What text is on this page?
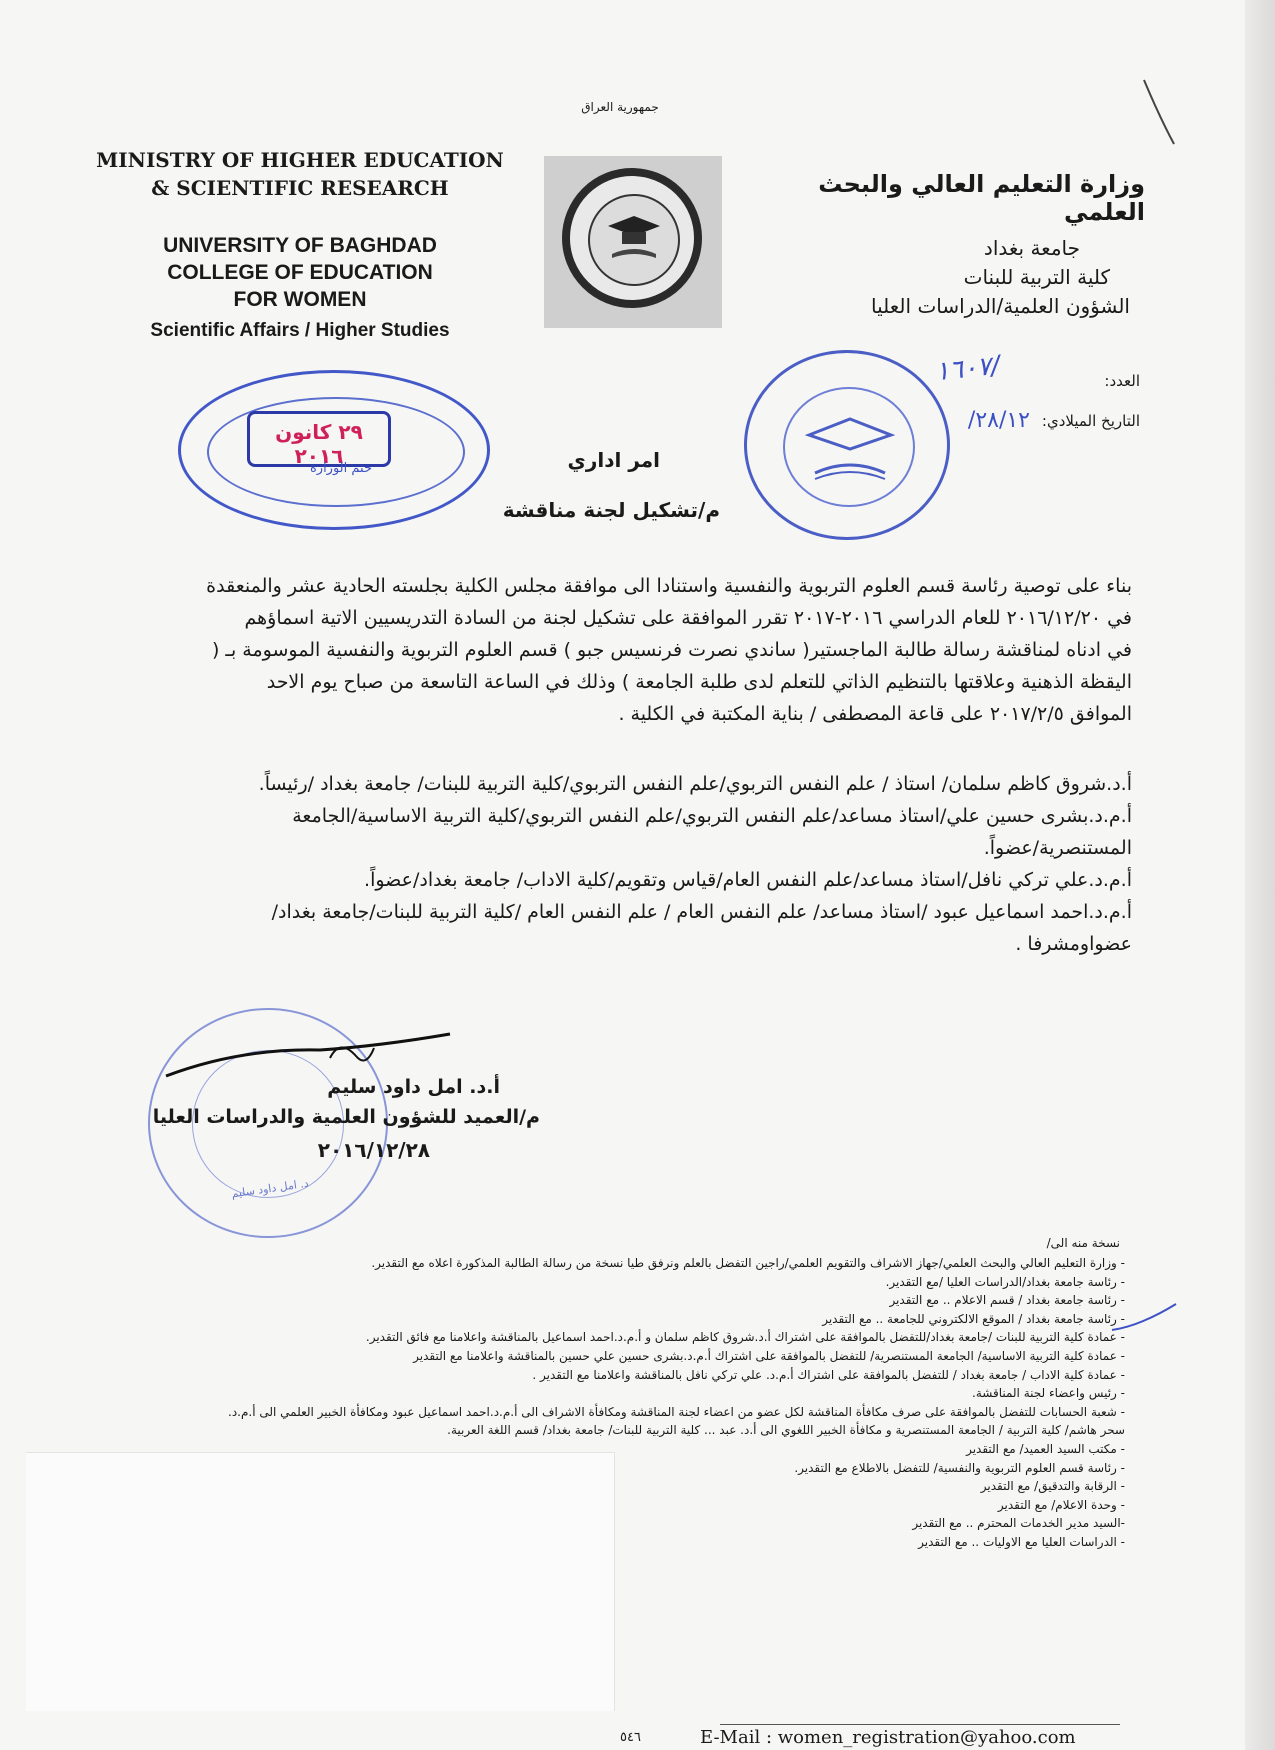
جمهورية العراق
MINISTRY OF HIGHER EDUCATION
& SCIENTIFIC RESEARCH
UNIVERSITY OF BAGHDAD
COLLEGE OF EDUCATION
FOR WOMEN
Scientific Affairs / Higher Studies
وزارة التعليم العالي والبحث العلمي
جامعة بغداد
كلية التربية للبنات
الشؤون العلمية/الدراسات العليا
١٦٠٧/	العدد:
التاريخ الميلادي:
٢٨/١٢/
٢٩ كانون ٢٠١٦
ختم الوزارة	امر اداري
م/تشكيل لجنة مناقشة
بناء على توصية رئاسة قسم العلوم التربوية والنفسية واستنادا الى موافقة مجلس الكلية بجلسته الحادية عشر والمنعقدة
في ٢٠١٦/١٢/٢٠ للعام الدراسي ٢٠١٦-٢٠١٧ تقرر الموافقة على تشكيل لجنة من السادة التدريسيين الاتية اسماؤهم
في ادناه لمناقشة رسالة طالبة الماجستير( ساندي نصرت فرنسيس جبو ) قسم العلوم التربوية والنفسية الموسومة بـ (
اليقظة الذهنية وعلاقتها بالتنظيم الذاتي للتعلم لدى طلبة الجامعة ) وذلك في الساعة التاسعة من صباح يوم الاحد
الموافق ٢٠١٧/٢/٥ على قاعة المصطفى / بناية المكتبة في الكلية .
أ.د.شروق كاظم سلمان/ استاذ / علم النفس التربوي/علم النفس التربوي/كلية التربية للبنات/ جامعة بغداد /رئيساً.
أ.م.د.بشرى حسين علي/استاذ مساعد/علم النفس التربوي/علم النفس التربوي/كلية التربية الاساسية/الجامعة
المستنصرية/عضواً.
أ.م.د.علي تركي نافل/استاذ مساعد/علم النفس العام/قياس وتقويم/كلية الاداب/ جامعة بغداد/عضواً.
أ.م.د.احمد اسماعيل عبود /استاذ مساعد/ علم النفس العام / علم النفس العام /كلية التربية للبنات/جامعة بغداد/
عضواومشرفا .
د. امل داود سليم
أ.د. امل داود سليم
م/العميد للشؤون العلمية والدراسات العليا
٢٠١٦/١٢/٢٨
نسخة منه الى/
- وزارة التعليم العالي والبحث العلمي/جهاز الاشراف والتقويم العلمي/راجين التفضل بالعلم ونرفق طيا نسخة من رسالة الطالبة المذكورة اعلاه مع التقدير.
- رئاسة جامعة بغداد/الدراسات العليا /مع التقدير.
- رئاسة جامعة بغداد / قسم الاعلام .. مع التقدير
- رئاسة جامعة بغداد / الموقع الالكتروني للجامعة .. مع التقدير
- عمادة كلية التربية للبنات /جامعة بغداد/للتفضل بالموافقة على اشتراك أ.د.شروق كاظم سلمان و أ.م.د.احمد اسماعيل بالمناقشة واعلامنا مع فائق التقدير.
- عمادة كلية التربية الاساسية/ الجامعة المستنصرية/ للتفضل بالموافقة على اشتراك أ.م.د.بشرى حسين علي حسين بالمناقشة واعلامنا مع التقدير
- عمادة كلية الاداب / جامعة بغداد / للتفضل بالموافقة على اشتراك أ.م.د. علي تركي نافل بالمناقشة واعلامنا مع التقدير .
- رئيس واعضاء لجنة المناقشة.
- شعبة الحسابات للتفضل بالموافقة على صرف مكافأة المناقشة لكل عضو من اعضاء لجنة المناقشة ومكافأة الاشراف الى أ.م.د.احمد اسماعيل عبود ومكافأة الخبير العلمي الى أ.م.د.
سحر هاشم/ كلية التربية / الجامعة المستنصرية و مكافأة الخبير اللغوي الى أ.د. عبد ... كلية التربية للبنات/ جامعة بغداد/ قسم اللغة العربية.
- مكتب السيد العميد/ مع التقدير
- رئاسة قسم العلوم التربوية والنفسية/ للتفضل بالاطلاع مع التقدير.
- الرقابة والتدقيق/ مع التقدير
- وحدة الاعلام/ مع التقدير
-السيد مدير الخدمات المحترم .. مع التقدير
- الدراسات العليا مع الاوليات .. مع التقدير
٥٤٦	E-Mail : women_registration@yahoo.com
